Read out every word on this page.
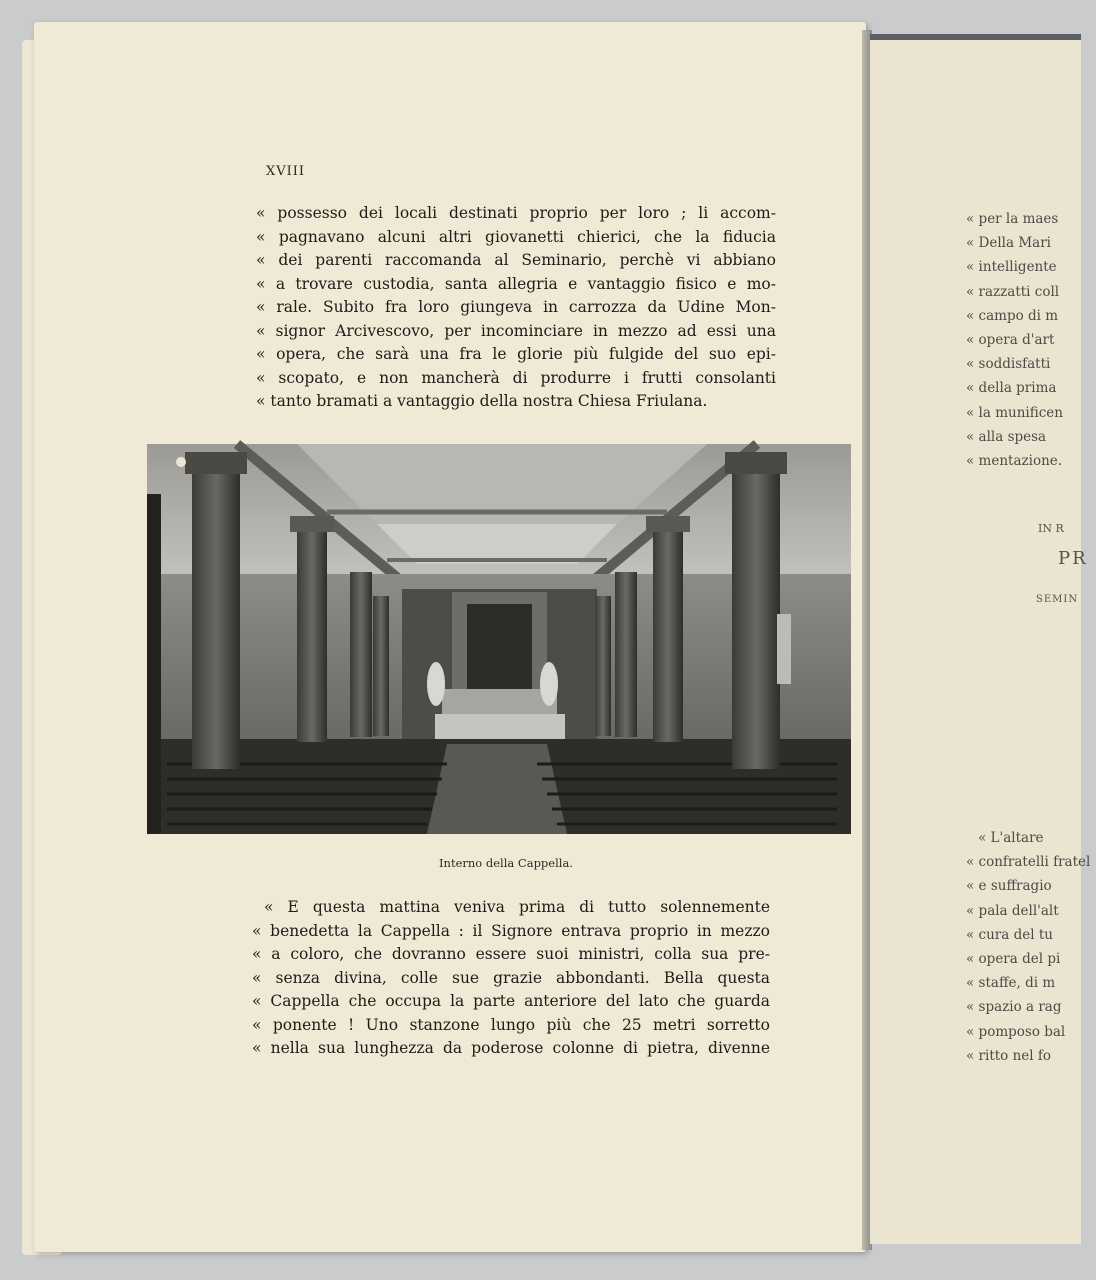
XVIII
« possesso dei locali destinati proprio per loro ; li accom-
« pagnavano alcuni altri giovanetti chierici, che la fiducia
« dei parenti raccomanda al Seminario, perchè vi abbiano
« a trovare custodia, santa allegria e vantaggio fisico e mo-
« rale. Subito fra loro giungeva in carrozza da Udine Mon-
« signor Arcivescovo, per incominciare in mezzo ad essi una
« opera, che sarà una fra le glorie più fulgide del suo epi-
« scopato, e non mancherà di produrre i frutti consolanti
« tanto bramati a vantaggio della nostra Chiesa Friulana.
Interno della Cappella.
« E questa mattina veniva prima di tutto solennemente
« benedetta la Cappella : il Signore entrava proprio in mezzo
« a coloro, che dovranno essere suoi ministri, colla sua pre-
« senza divina, colle sue grazie abbondanti. Bella questa
« Cappella che occupa la parte anteriore del lato che guarda
« ponente ! Uno stanzone lungo più che 25 metri sorretto
« nella sua lunghezza da poderose colonne di pietra, divenne
« per la maes
« Della Mari
« intelligente
« razzatti coll
« campo di m
« opera d'art
« soddisfatti
« della prima
« la munificen
« alla spesa
« mentazione.
IN R
PR
SEMIN
« L'altare
« confratelli fratel
« e suffragio
« pala dell'alt
« cura del tu
« opera del pi
« staffe, di m
« spazio a rag
« pomposo bal
« ritto nel fo
